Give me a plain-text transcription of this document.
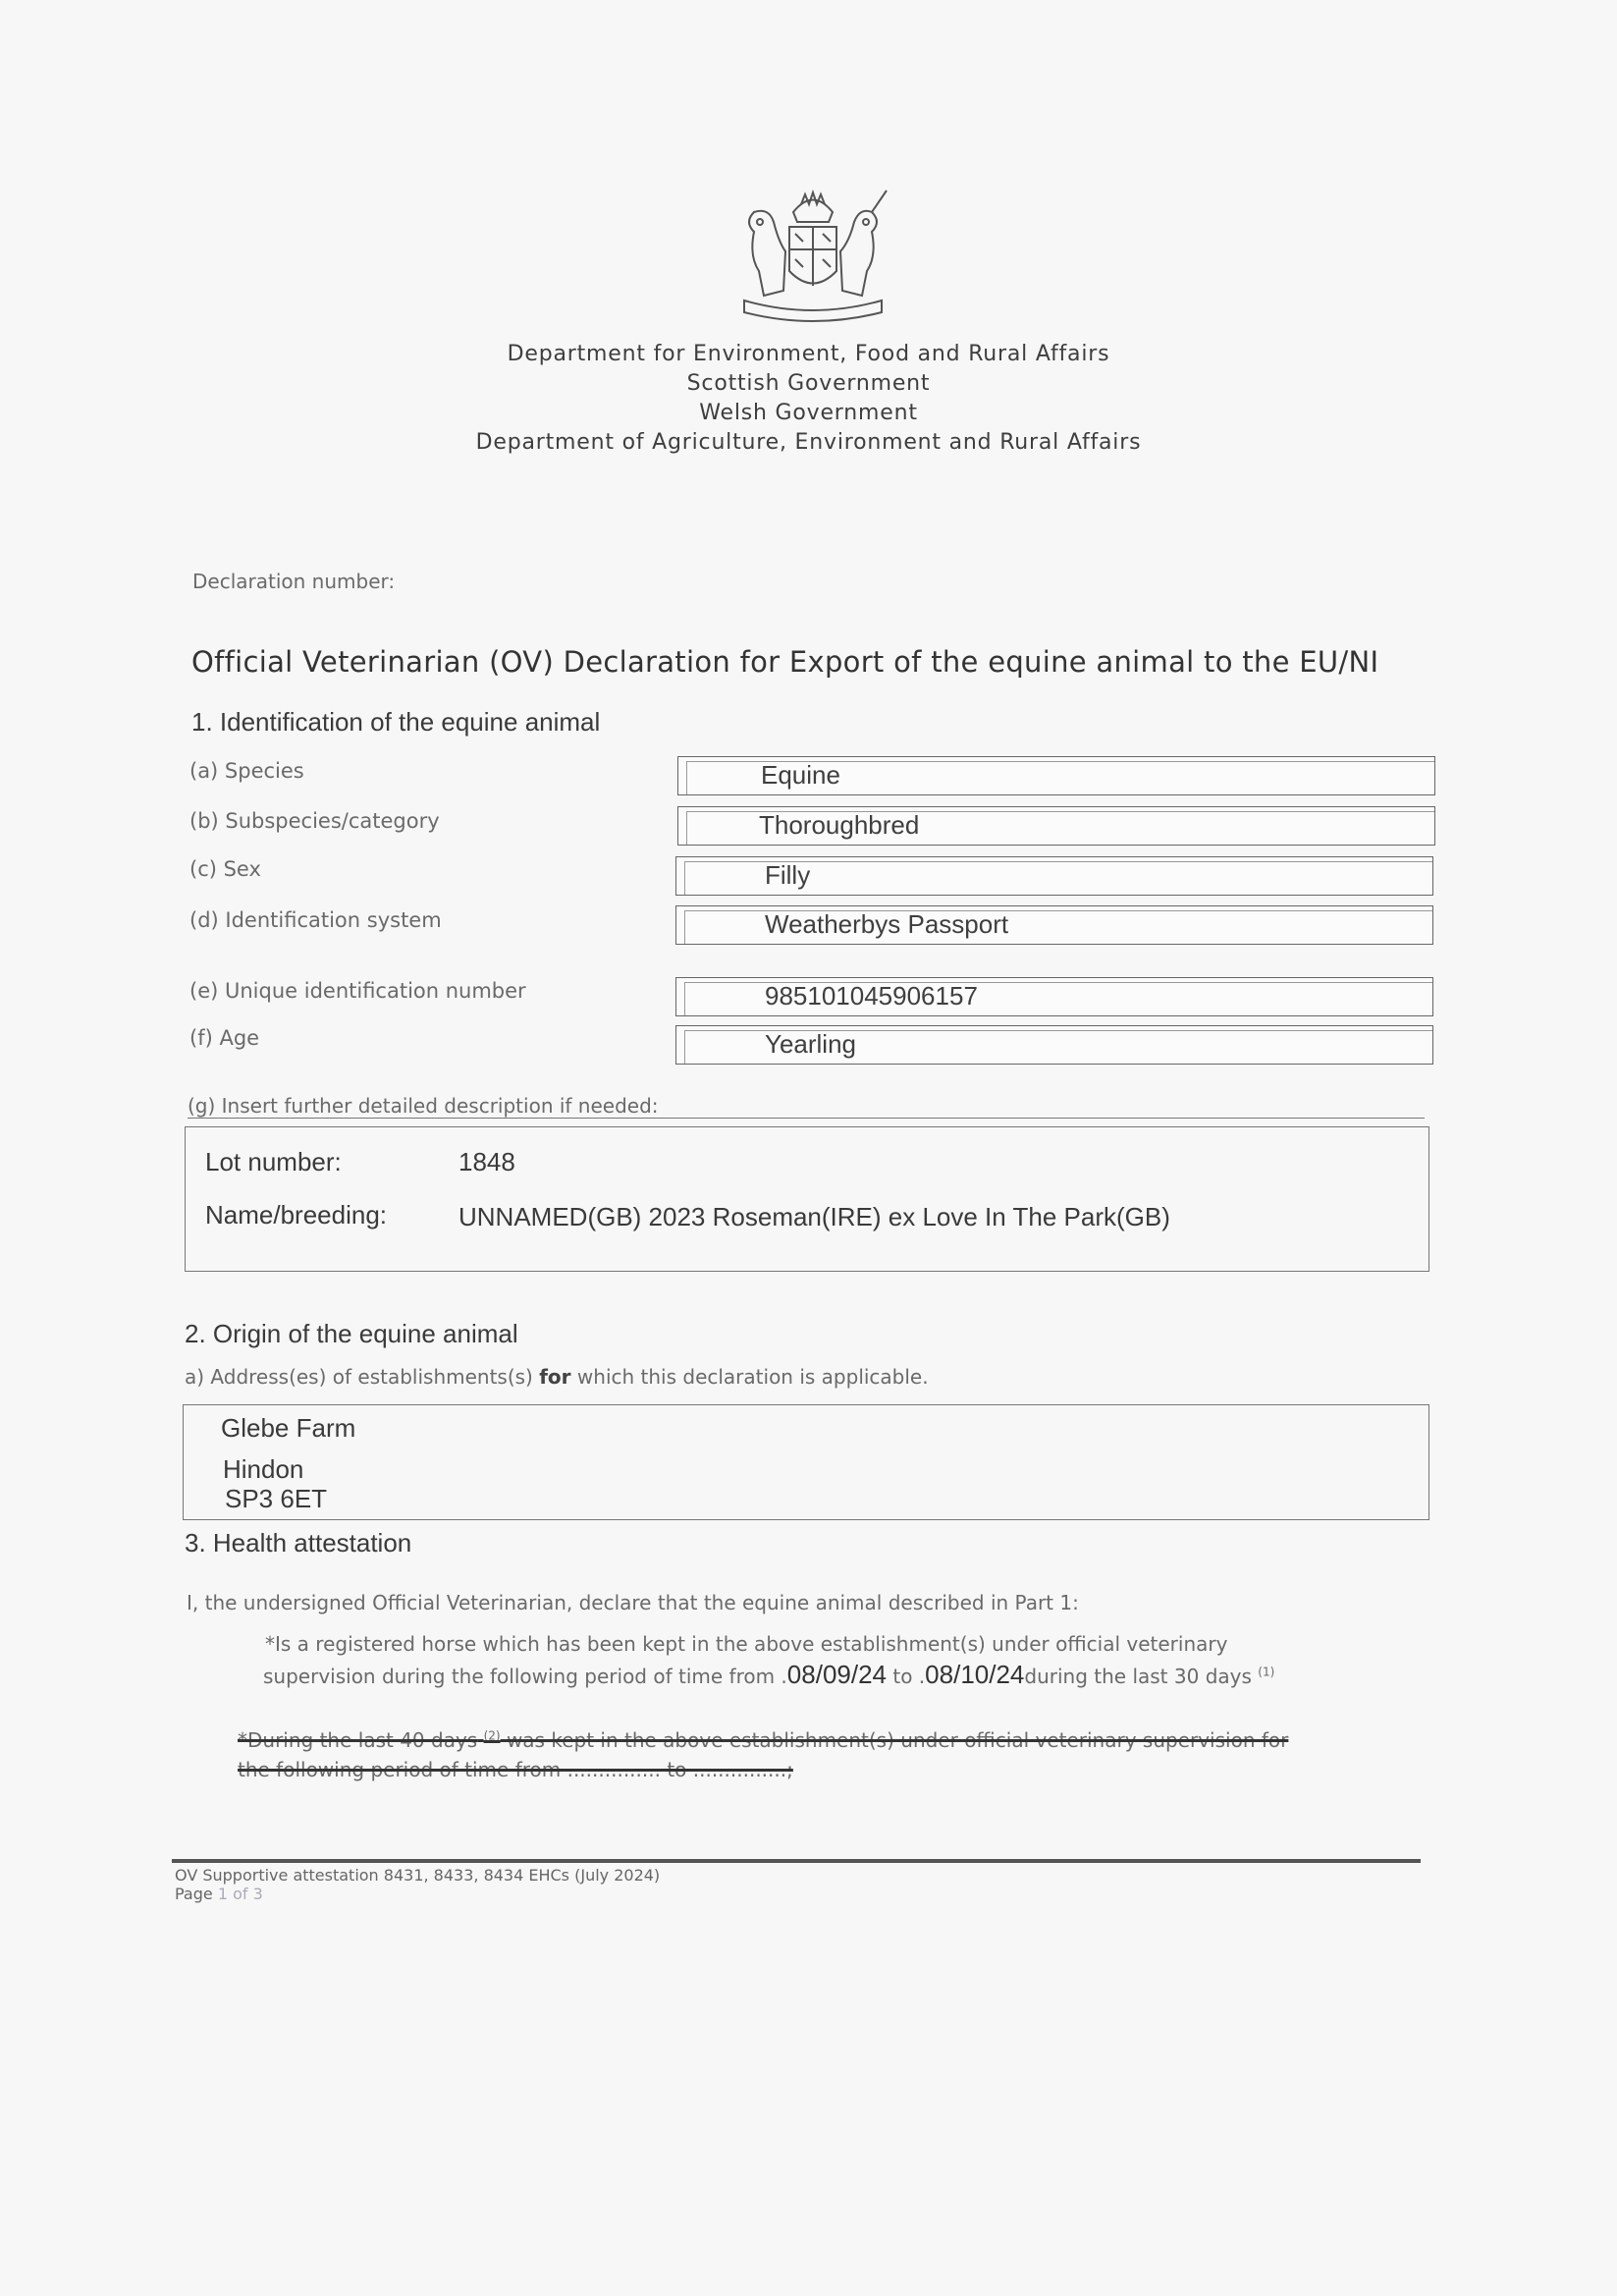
Department for Environment, Food and Rural Affairs
Scottish Government
Welsh Government
Department of Agriculture, Environment and Rural Affairs
Declaration number:
Official Veterinarian (OV) Declaration for Export of the equine animal to the EU/NI
1. Identification of the equine animal
(a) Species	Equine
(b) Subspecies/category	Thoroughbred
(c) Sex	Filly
(d) Identification system	Weatherbys Passport
(e) Unique identification number	985101045906157
(f) Age	Yearling
(g) Insert further detailed description if needed:
Lot number:	1848
Name/breeding:	UNNAMED(GB) 2023 Roseman(IRE) ex Love In The Park(GB)
2. Origin of the equine animal
a) Address(es) of establishments(s) for which this declaration is applicable.
Glebe Farm
Hindon
SP3 6ET
3. Health attestation
I, the undersigned Official Veterinarian, declare that the equine animal described in Part 1:
*Is a registered horse which has been kept in the above establishment(s) under official veterinary
supervision during the following period of time from .08/09/24 to .08/10/24during the last 30 days $^{(1)}$
*During the last 40 days $^{(2)}$ was kept in the above establishment(s) under official veterinary supervision for
the following period of time from ............... to ...............;
OV Supportive attestation 8431, 8433, 8434 EHCs (July 2024)
Page 1 of 3
